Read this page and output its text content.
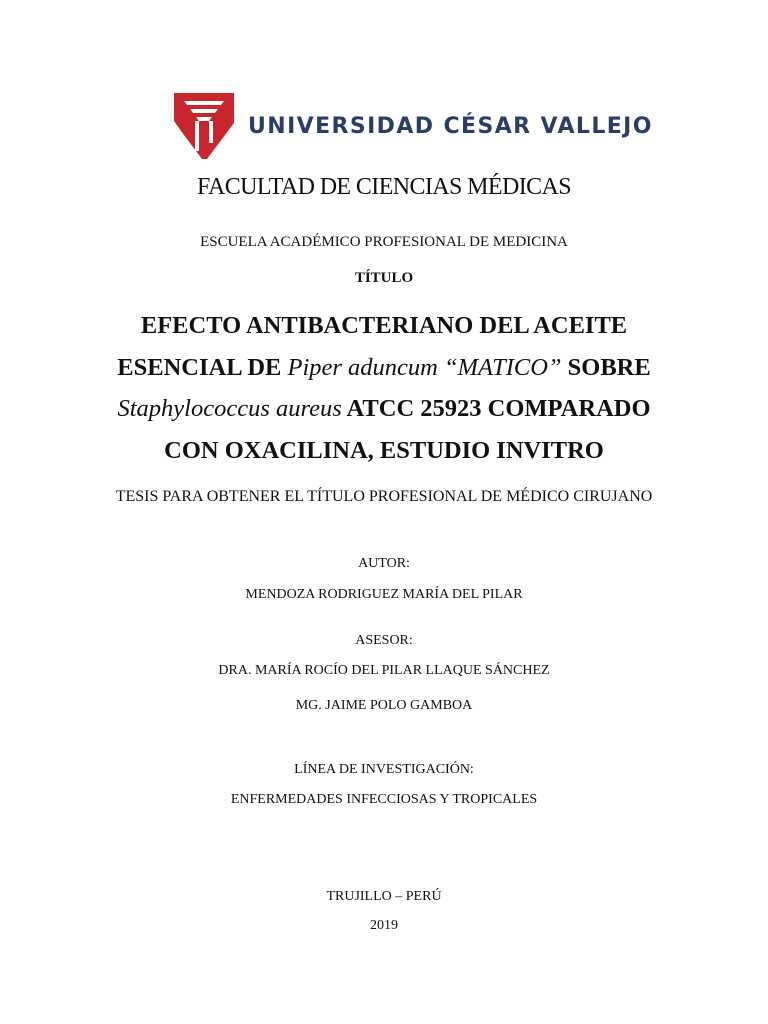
UNIVERSIDAD CÉSAR VALLEJO
FACULTAD DE CIENCIAS MÉDICAS
ESCUELA ACADÉMICO PROFESIONAL DE MEDICINA
TÍTULO
EFECTO ANTIBACTERIANO DEL ACEITE
ESENCIAL DE Piper aduncum “MATICO” SOBRE
Staphylococcus aureus ATCC 25923 COMPARADO
CON OXACILINA, ESTUDIO INVITRO
TESIS PARA OBTENER EL TÍTULO PROFESIONAL DE MÉDICO CIRUJANO
AUTOR:
MENDOZA RODRIGUEZ MARÍA DEL PILAR
ASESOR:
DRA. MARÍA ROCÍO DEL PILAR LLAQUE SÁNCHEZ
MG. JAIME POLO GAMBOA
LÍNEA DE INVESTIGACIÓN:
ENFERMEDADES INFECCIOSAS Y TROPICALES
TRUJILLO – PERÚ
2019
